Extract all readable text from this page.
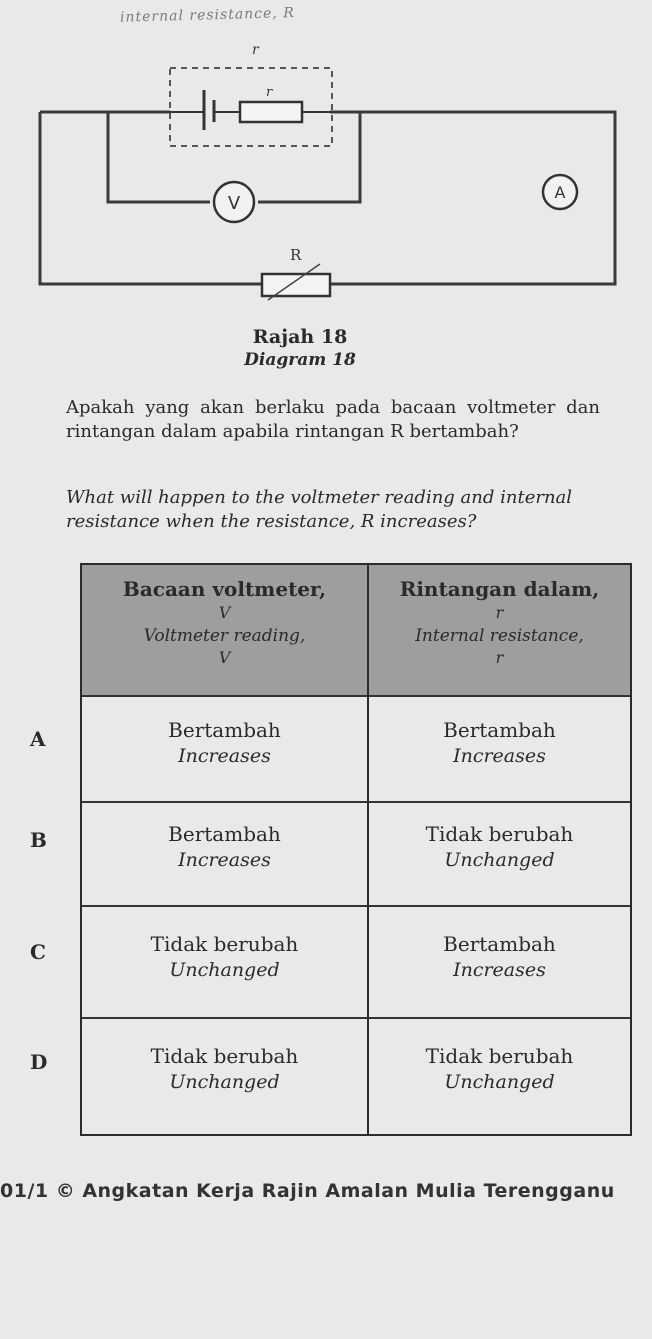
internal resistance, R
r
r
V
A
R
Rajah 18
Diagram 18
Apakah yang akan berlaku pada bacaan voltmeter dan rintangan dalam apabila rintangan R bertambah?
What will happen to the voltmeter reading and internal resistance when the resistance, R increases?
Bacaan voltmeter,
V
Voltmeter reading,
V
Rintangan dalam,
r
Internal resistance,
r
Bertambah
Increases
Bertambah
Increases
Bertambah
Increases
Tidak berubah
Unchanged
Tidak berubah
Unchanged
Bertambah
Increases
Tidak berubah
Unchanged
Tidak berubah
Unchanged
A
B
C
D
01/1 © Angkatan Kerja Rajin Amalan Mulia Terengganu
